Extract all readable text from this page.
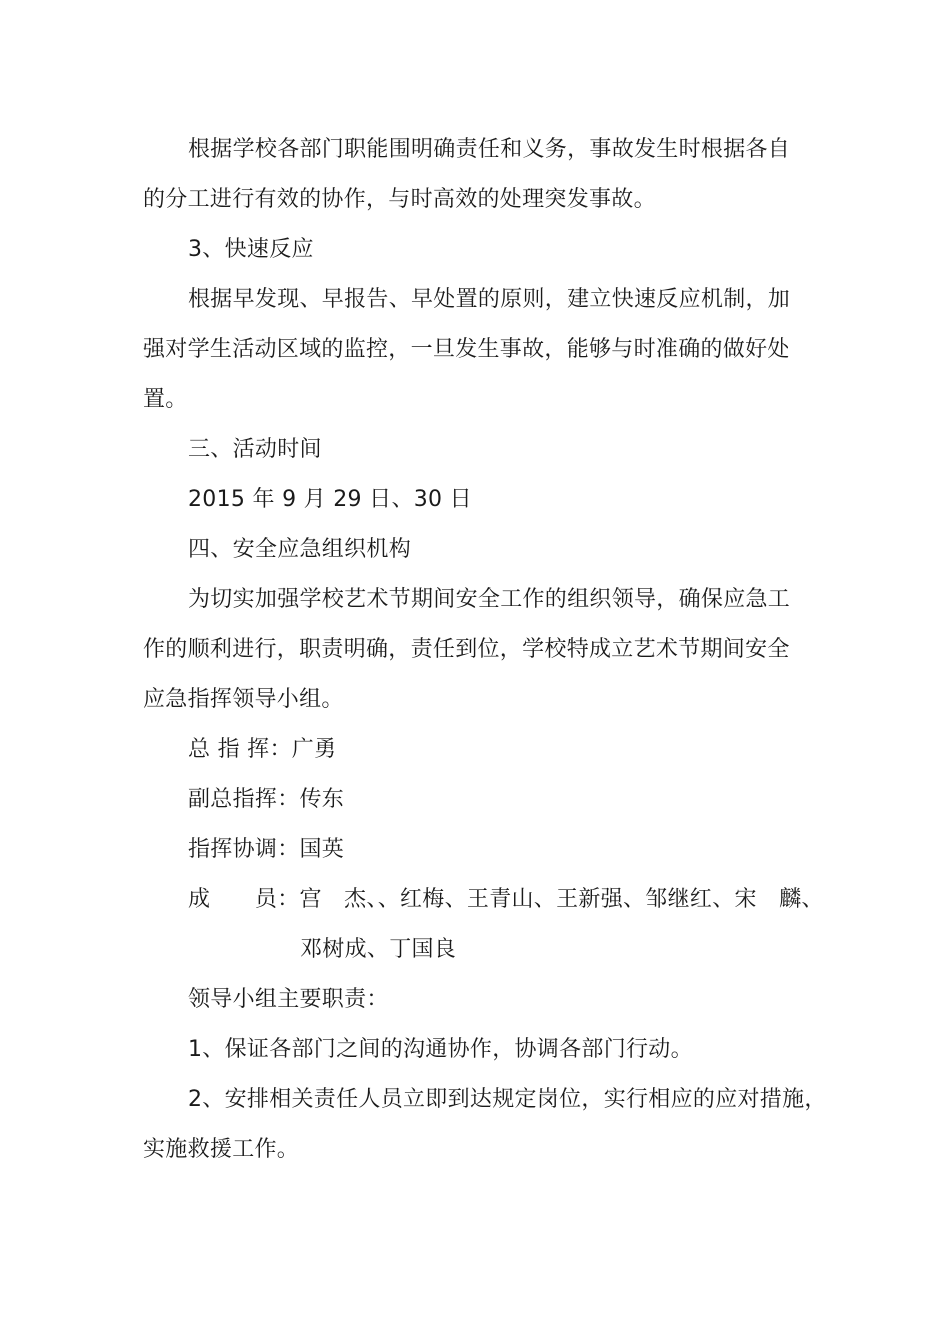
根据学校各部门职能围明确责任和义务，事故发生时根据各自
的分工进行有效的协作，与时高效的处理突发事故。
3、快速反应
根据早发现、早报告、早处置的原则，建立快速反应机制，加
强对学生活动区域的监控，一旦发生事故，能够与时准确的做好处
置。
三、活动时间
2015 年 9 月 29 日、30 日
四、安全应急组织机构
为切实加强学校艺术节期间安全工作的组织领导，确保应急工
作的顺利进行，职责明确，责任到位，学校特成立艺术节期间安全
应急指挥领导小组。
总 指 挥：广勇
副总指挥：传东
指挥协调：国英
成　　员：宫　杰、、红梅、王青山、王新强、邹继红、宋　麟、
邓树成、丁国良
领导小组主要职责：
1、保证各部门之间的沟通协作，协调各部门行动。
2、安排相关责任人员立即到达规定岗位，实行相应的应对措施，
实施救援工作。
